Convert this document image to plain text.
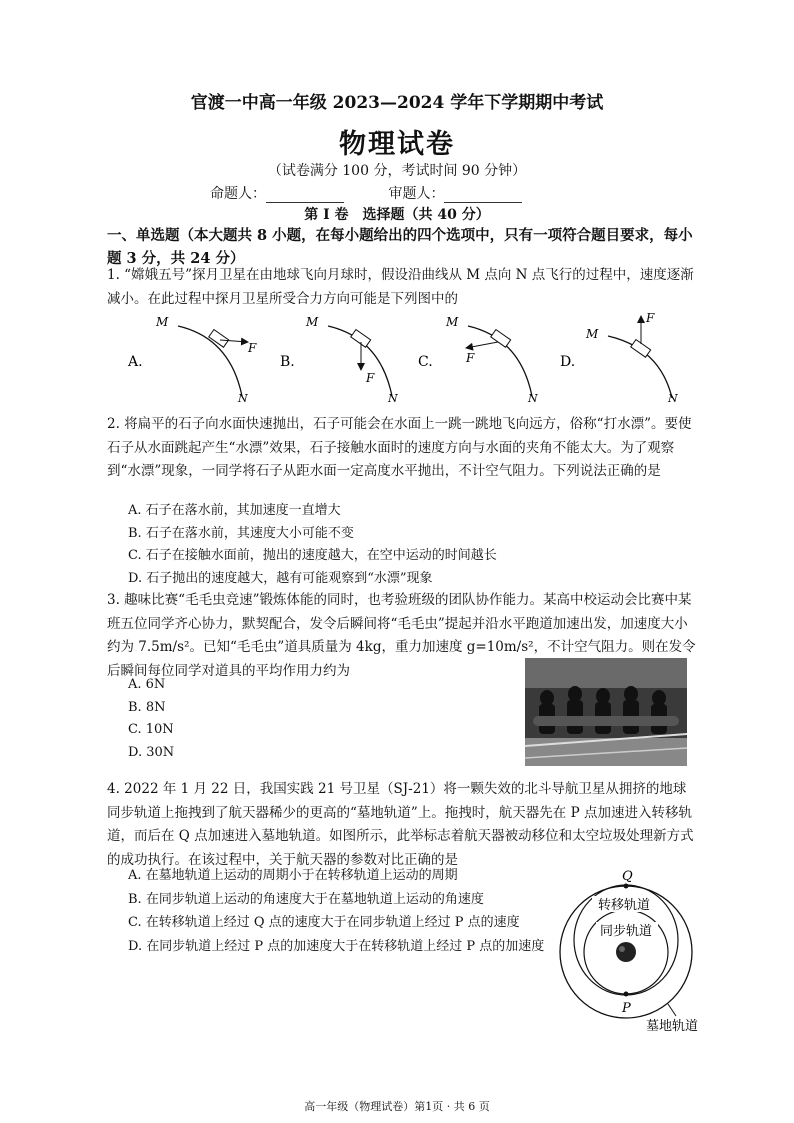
官渡一中高一年级 2023—2024 学年下学期期中考试
物理试卷
（试卷满分 100 分，考试时间 90 分钟）
命题人：	审题人：
第 I 卷　选择题（共 40 分）
一、单选题（本大题共 8 小题，在每小题给出的四个选项中，只有一项符合题目要求，每小题 3 分，共 24 分）
1. “嫦娥五号”探月卫星在由地球飞向月球时，假设沿曲线从 M 点向 N 点飞行的过程中，速度逐渐减小。在此过程中探月卫星所受合力方向可能是下列图中的
A.
M
N
F
B.
M
N
F
C.
M
N
F	D.
M
N
F
2. 将扁平的石子向水面快速抛出，石子可能会在水面上一跳一跳地飞向远方，俗称“打水漂”。要使石子从水面跳起产生“水漂”效果，石子接触水面时的速度方向与水面的夹角不能太大。为了观察到“水漂”现象，一同学将石子从距水面一定高度水平抛出，不计空气阻力。下列说法正确的是
A. 石子在落水前，其加速度一直增大
B. 石子在落水前，其速度大小可能不变
C. 石子在接触水面前，抛出的速度越大，在空中运动的时间越长
D. 石子抛出的速度越大，越有可能观察到“水漂”现象
3. 趣味比赛“毛毛虫竞速”锻炼体能的同时，也考验班级的团队协作能力。某高中校运动会比赛中某班五位同学齐心协力，默契配合，发令后瞬间将“毛毛虫”提起并沿水平跑道加速出发，加速度大小约为 7.5m/s²。已知“毛毛虫”道具质量为 4kg，重力加速度 g=10m/s²，不计空气阻力。则在发令后瞬间每位同学对道具的平均作用力约为
A. 6N
B. 8N
C. 10N
D. 30N
4. 2022 年 1 月 22 日，我国实践 21 号卫星（SJ-21）将一颗失效的北斗导航卫星从拥挤的地球同步轨道上拖拽到了航天器稀少的更高的“墓地轨道”上。拖拽时，航天器先在 P 点加速进入转移轨道，而后在 Q 点加速进入墓地轨道。如图所示，此举标志着航天器被动移位和太空垃圾处理新方式的成功执行。在该过程中，关于航天器的参数对比正确的是
A. 在墓地轨道上运动的周期小于在转移轨道上运动的周期
B. 在同步轨道上运动的角速度大于在墓地轨道上运动的角速度
C. 在转移轨道上经过 Q 点的速度大于在同步轨道上经过 P 点的速度
D. 在同步轨道上经过 P 点的加速度大于在转移轨道上经过 P 点的加速度
Q
转移轨道
同步轨道
P
墓地轨道
高一年级（物理试卷）第1页 · 共 6 页
